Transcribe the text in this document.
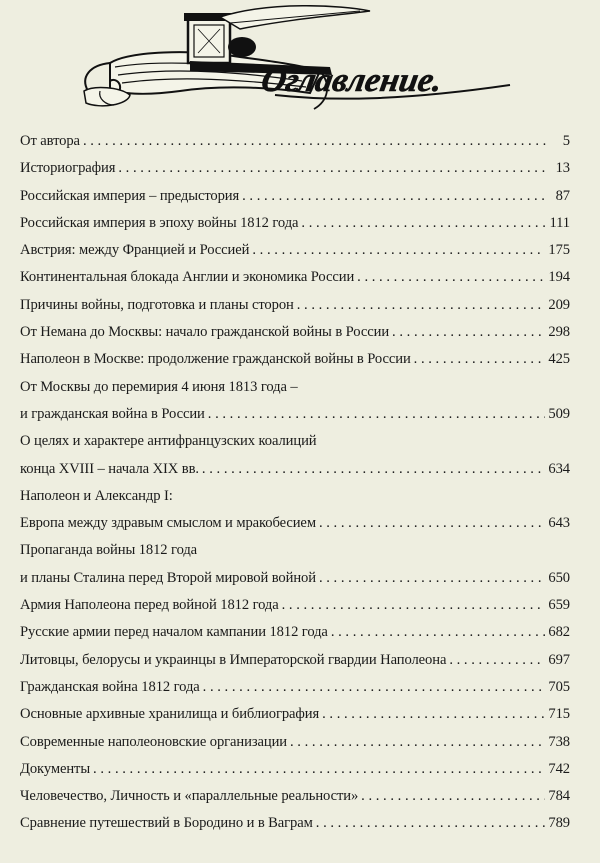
Оглавление.
От автора . . .	5
Историография . . .	13
Российская империя – предыстория . . .	87
Российская империя в эпоху войны 1812 года . . .	111
Австрия: между Францией и Россией . . .	175
Континентальная блокада Англии и экономика России . . .	194
Причины войны, подготовка и планы сторон . . .	209
От Немана до Москвы: начало гражданской войны в России . . .	298
Наполеон в Москве: продолжение гражданской войны в России . . .	425
От Москвы до перемирия 4 июня 1813 года –
и гражданская война в России . . .	509
О целях и характере антифранцузских коалиций
конца XVIII – начала XIX вв. . . .	634
Наполеон и Александр I:
Европа между здравым смыслом и мракобесием . . .	643
Пропаганда войны 1812 года
и планы Сталина перед Второй мировой войной . . .	650
Армия Наполеона перед войной 1812 года . . .	659
Русские армии перед началом кампании 1812 года . . .	682
Литовцы, белорусы и украинцы в Императорской гвардии Наполеона . . .	697
Гражданская война 1812 года . . .	705
Основные архивные хранилища и библиография . . .	715
Современные наполеоновские организации . . .	738
Документы . . .	742
Человечество, Личность и «параллельные реальности» . . .	784
Сравнение путешествий в Бородино и в Ваграм . . .	789
